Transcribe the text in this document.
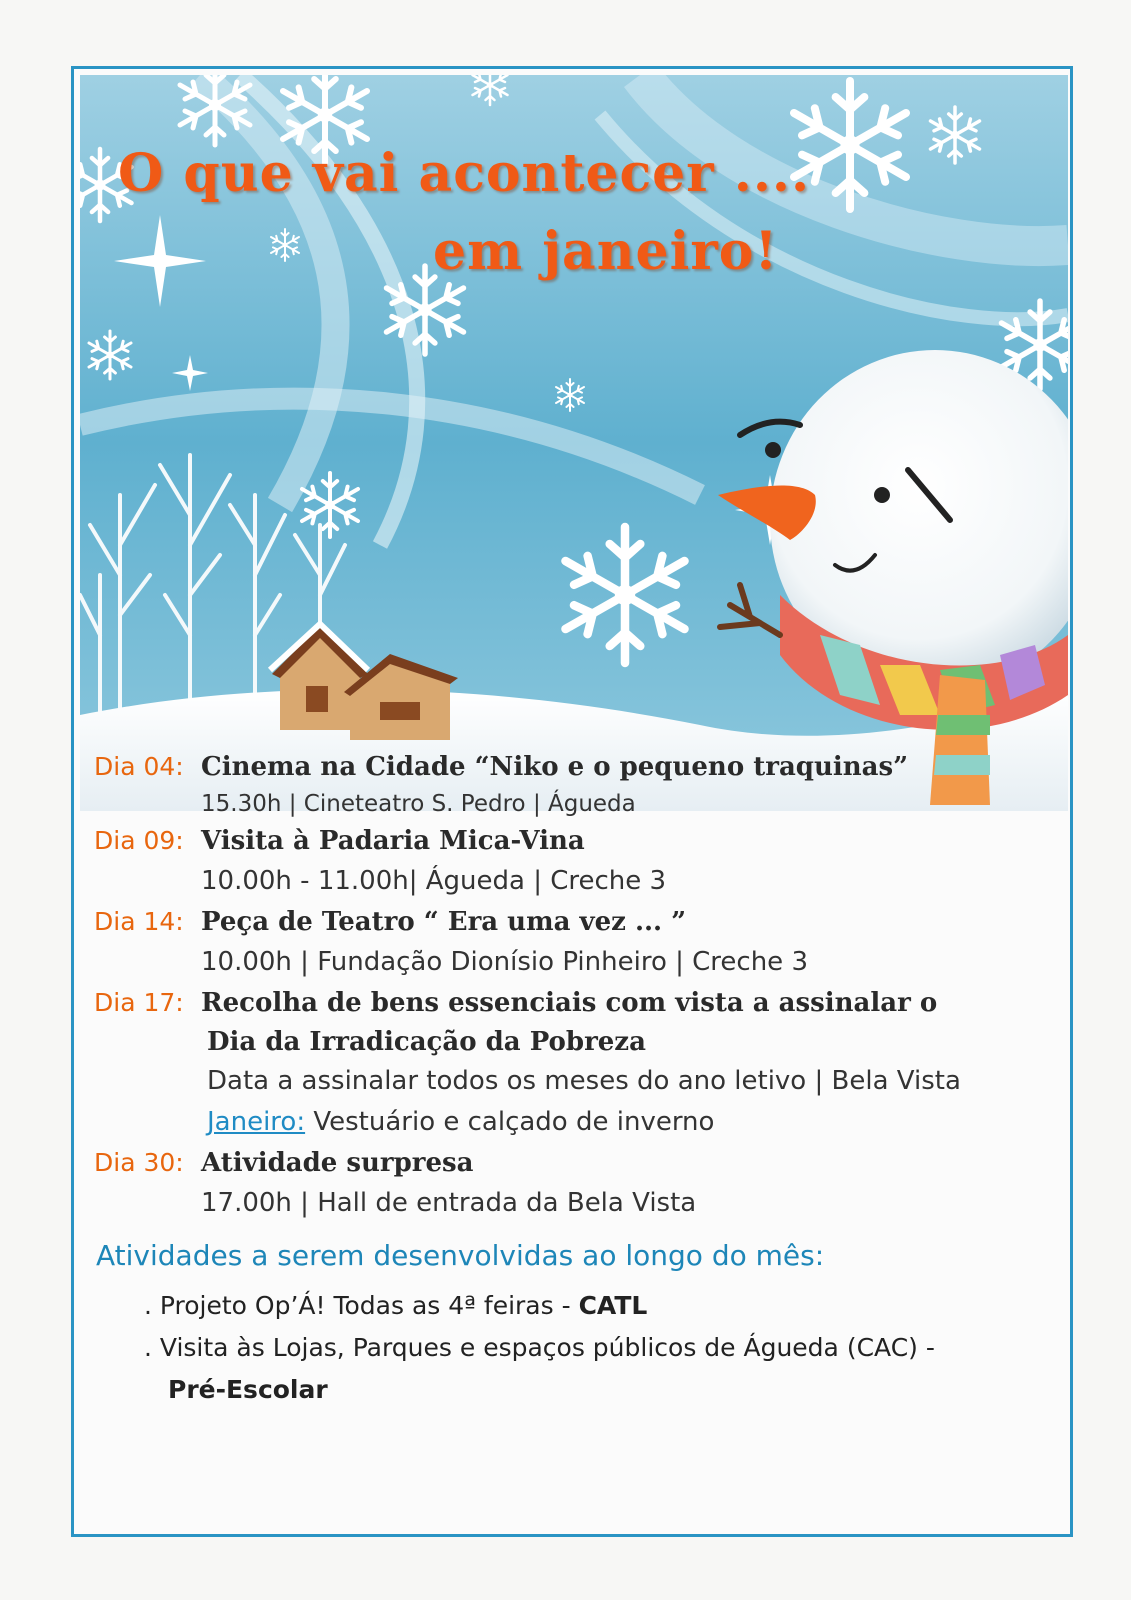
O que vai acontecer ....
em janeiro!
Dia 04: Cinema na Cidade “Niko e o pequeno traquinas”
15.30h | Cineteatro S. Pedro | Águeda
Dia 09: Visita à Padaria Mica-Vina
10.00h - 11.00h| Águeda | Creche 3
Dia 14: Peça de Teatro “ Era uma vez ... ”
10.00h | Fundação Dionísio Pinheiro | Creche 3
Dia 17: Recolha de bens essenciais com vista a assinalar o
Dia da Irradicação da Pobreza
Data a assinalar todos os meses do ano letivo | Bela Vista
Janeiro: Vestuário e calçado de inverno
Dia 30: Atividade surpresa
17.00h | Hall de entrada da Bela Vista
Atividades a serem desenvolvidas ao longo do mês:
. Projeto Op’Á! Todas as 4ª feiras - CATL
. Visita às Lojas, Parques e espaços públicos de Águeda (CAC) -
Pré-Escolar
